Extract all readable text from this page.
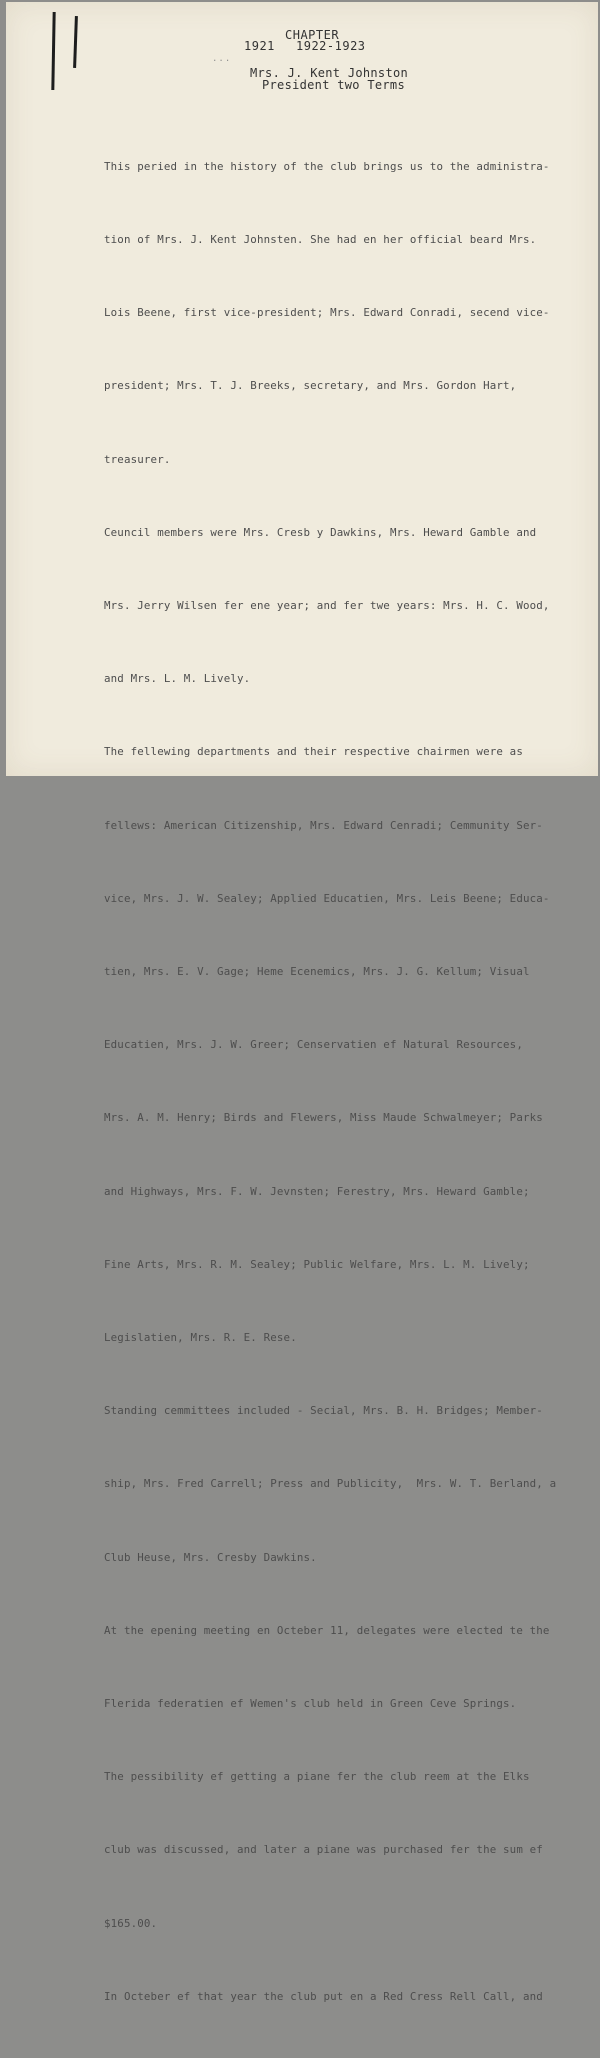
CHAPTER
1921 1922-1923
...
Mrs. J. Kent Johnston
President two Terms

This peried in the history of the club brings us to the administra-

tion of Mrs. J. Kent Johnsten. She had en her official beard Mrs.

Lois Beene, first vice-president; Mrs. Edward Conradi, secend vice-

president; Mrs. T. J. Breeks, secretary, and Mrs. Gordon Hart,

treasurer.

Ceuncil members were Mrs. Cresb y Dawkins, Mrs. Heward Gamble and

Mrs. Jerry Wilsen fer ene year; and fer twe years: Mrs. H. C. Wood,

and Mrs. L. M. Lively.

The fellewing departments and their respective chairmen were as

fellews: American Citizenship, Mrs. Edward Cenradi; Cemmunity Ser-

vice, Mrs. J. W. Sealey; Applied Educatien, Mrs. Leis Beene; Educa-

tien, Mrs. E. V. Gage; Heme Ecenemics, Mrs. J. G. Kellum; Visual

Educatien, Mrs. J. W. Greer; Censervatien ef Natural Resources,

Mrs. A. M. Henry; Birds and Flewers, Miss Maude Schwalmeyer; Parks

and Highways, Mrs. F. W. Jevnsten; Ferestry, Mrs. Heward Gamble;

Fine Arts, Mrs. R. M. Sealey; Public Welfare, Mrs. L. M. Lively;

Legislatien, Mrs. R. E. Rese.

Standing cemmittees included - Secial, Mrs. B. H. Bridges; Member-

ship, Mrs. Fred Carrell; Press and Publicity,  Mrs. W. T. Berland, a

Club Heuse, Mrs. Cresby Dawkins.

At the epening meeting en Octeber 11, delegates were elected te the

Flerida federatien ef Wemen's club held in Green Ceve Springs.

The pessibility ef getting a piane fer the club reem at the Elks

club was discussed, and later a piane was purchased fer the sum ef

$165.00.

In Octeber ef that year the club put en a Red Cress Rell Call, and
